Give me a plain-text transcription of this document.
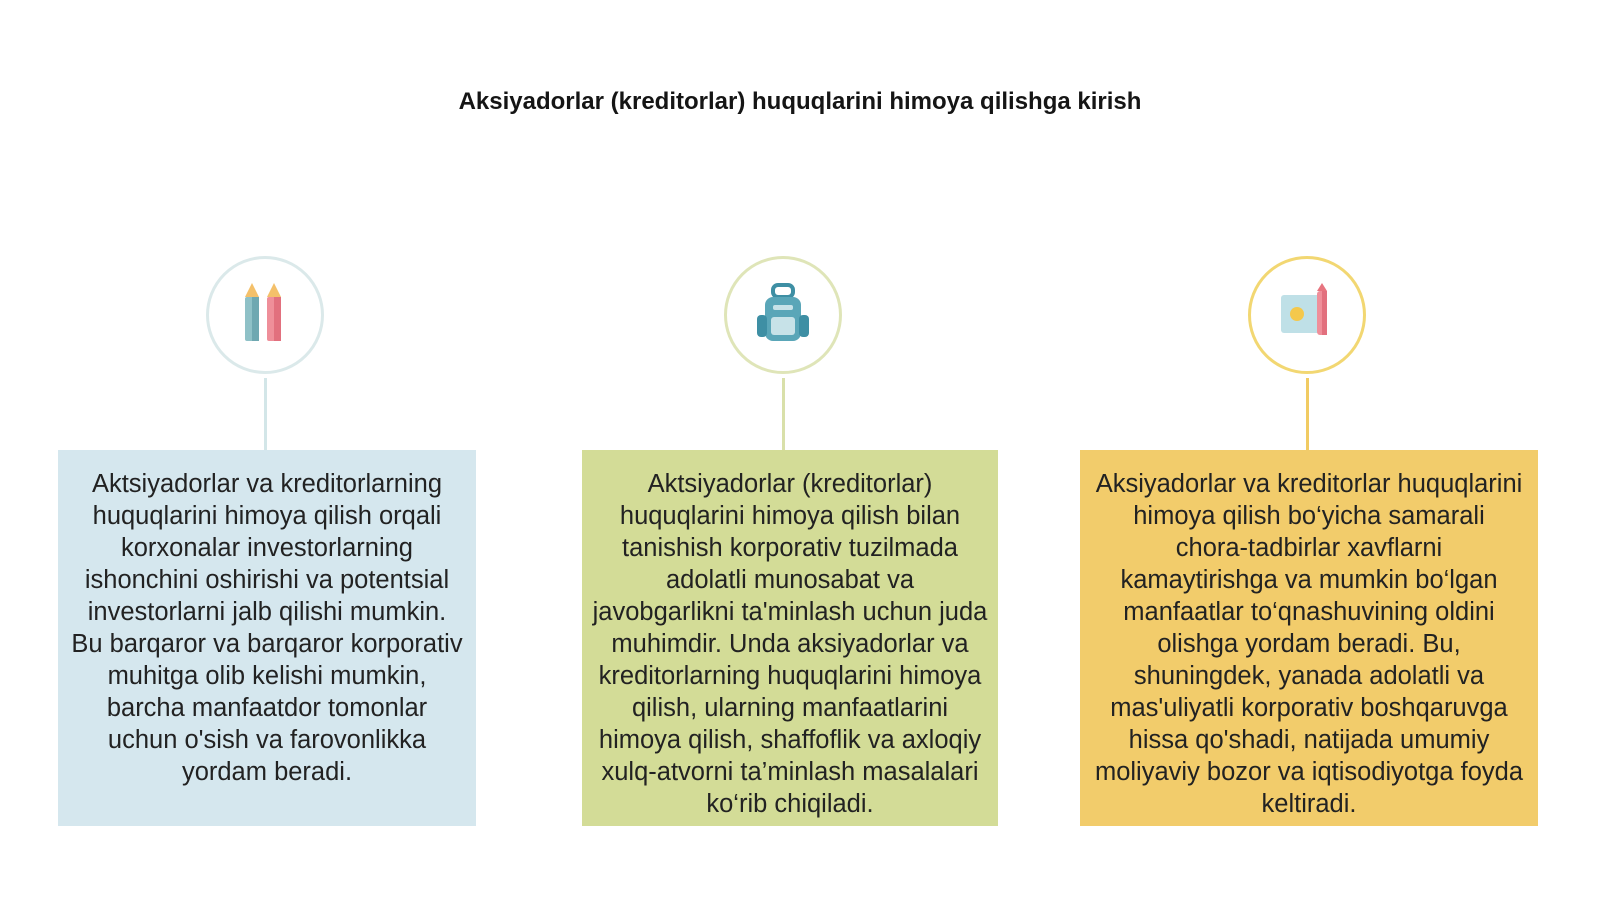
Aksiyadorlar (kreditorlar) huquqlarini himoya qilishga kirish
Aktsiyadorlar va kreditorlarning huquqlarini himoya qilish orqali korxonalar investorlarning ishonchini oshirishi va potentsial investorlarni jalb qilishi mumkin. Bu barqaror va barqaror korporativ muhitga olib kelishi mumkin, barcha manfaatdor tomonlar uchun o'sish va farovonlikka yordam beradi.
Aktsiyadorlar (kreditorlar) huquqlarini himoya qilish bilan tanishish korporativ tuzilmada adolatli munosabat va javobgarlikni ta'minlash uchun juda muhimdir. Unda aksiyadorlar va kreditorlarning huquqlarini himoya qilish, ularning manfaatlarini himoya qilish, shaffoflik va axloqiy xulq-atvorni ta’minlash masalalari ko‘rib chiqiladi.
Aksiyadorlar va kreditorlar huquqlarini himoya qilish bo‘yicha samarali chora-tadbirlar xavflarni kamaytirishga va mumkin bo‘lgan manfaatlar to‘qnashuvining oldini olishga yordam beradi. Bu, shuningdek, yanada adolatli va mas'uliyatli korporativ boshqaruvga hissa qo'shadi, natijada umumiy moliyaviy bozor va iqtisodiyotga foyda keltiradi.
